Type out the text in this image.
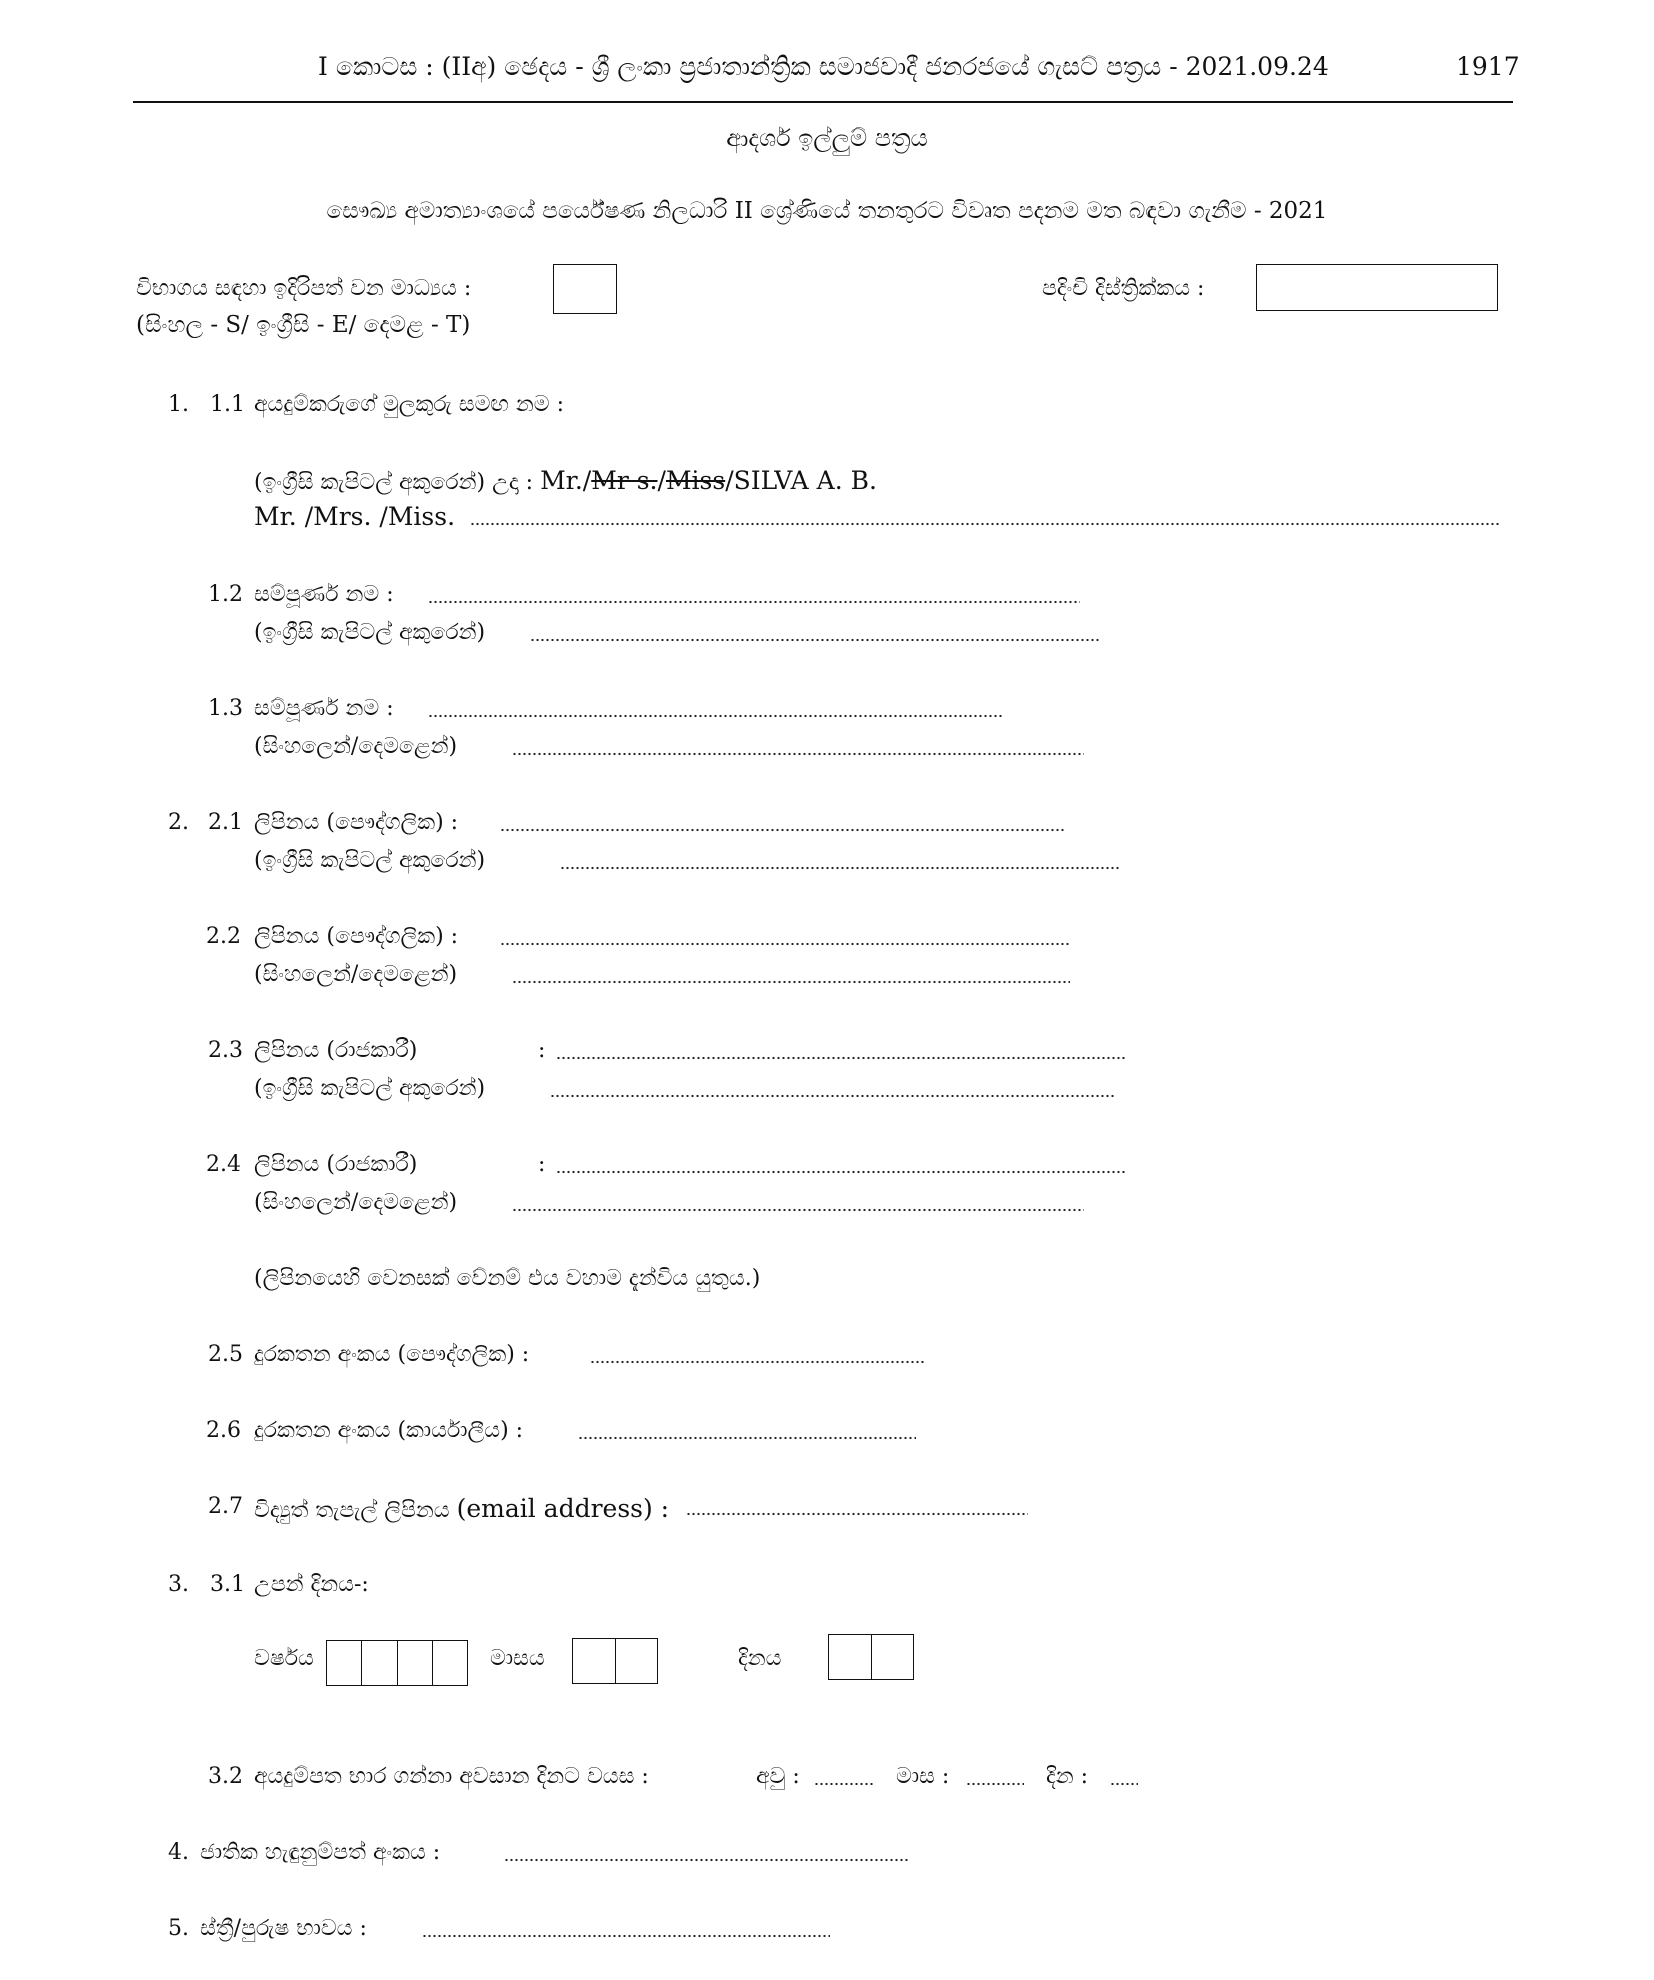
I කොටස : (IIඅ) ඡෙදය - ශ්‍රී ලංකා ප්‍රජාතාන්ත්‍රික සමාජවාදී ජනරජයේ ගැසට් පත්‍රය - 2021.09.24	1917
ආදර්ශ ඉල්ලුම් පත්‍රය
සෞඛ්‍ය අමාත්‍යාංශයේ පර්යේෂණ නිලධාරි II ශ්‍රේණියේ තනතුරට විවෘත පදනම මත බඳවා ගැනීම - 2021
විභාගය සඳහා ඉදිරිපත් වන මාධ්‍යය :
(සිංහල - S/ ඉංග්‍රීසි - E/ දෙමළ - T)
පදිංචි දිස්ත්‍රික්කය :
1. 1.1 අයදුම්කරුගේ මුලකුරු සමඟ නම :
(ඉංග්‍රීසි කැපිටල් අකුරෙන්) උදා : Mr./Mr s./Miss/SILVA A. B.
Mr. /Mrs. /Miss.
1.2 සම්පූර්ණ නම :
(ඉංග්‍රීසි කැපිටල් අකුරෙන්)
1.3 සම්පූර්ණ නම :
(සිංහලෙන්/දෙමළෙන්)
2. 2.1 ලිපිනය (පෞද්ගලික) :
(ඉංග්‍රීසි කැපිටල් අකුරෙන්)
2.2 ලිපිනය (පෞද්ගලික) :
(සිංහලෙන්/දෙමළෙන්)
2.3 ලිපිනය (රාජකාරී)	:
(ඉංග්‍රීසි කැපිටල් අකුරෙන්)
2.4 ලිපිනය (රාජකාරී)	:
(සිංහලෙන්/දෙමළෙන්)
(ලිපිනයෙහි වෙනසක් වේනම් එය වහාම දැන්විය යුතුය.)
2.5 දුරකතන අංකය (පෞද්ගලික) :
2.6 දුරකතන අංකය (කාර්යාලීය) :
2.7 විද්‍යුත් තැපැල් ලිපිනය (email address) :
3. 3.1 උපන් දිනය-:
වර්ෂය	මාසය	දිනය
3.2 අයදුම්පත භාර ගන්නා අවසාන දිනට වයස :	අවු :	මාස :	දින :
4. ජාතික හැඳුනුම්පත් අංකය :
5. ස්ත්‍රී/පුරුෂ භාවය :
